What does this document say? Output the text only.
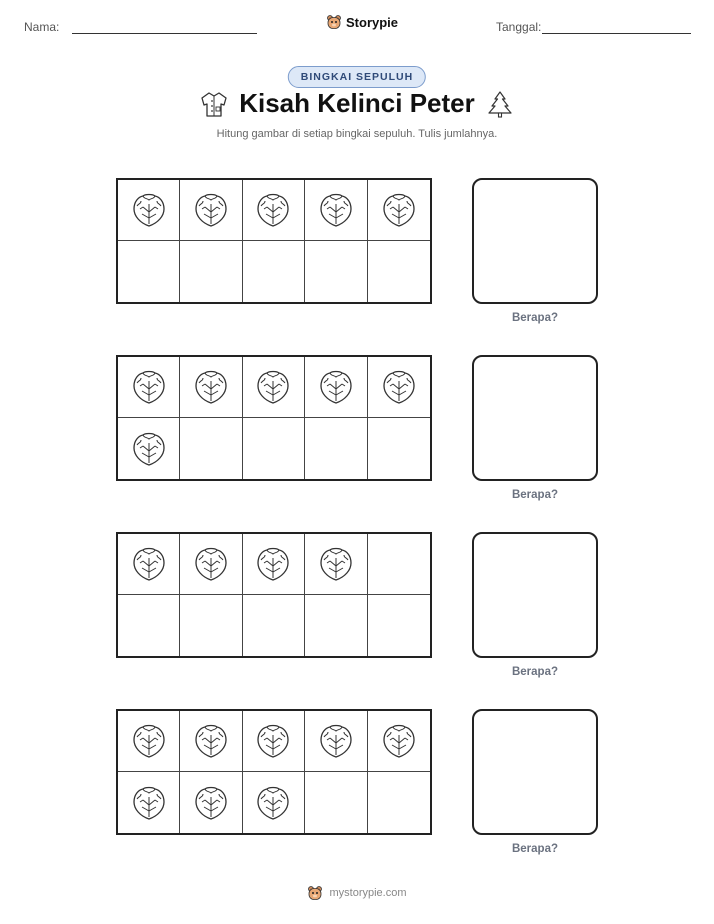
Nama:	Storypie	Tanggal:
BINGKAI SEPULUH
Kisah Kelinci Peter
Hitung gambar di setiap bingkai sepuluh. Tulis jumlahnya.
Berapa?
Berapa?
Berapa?
Berapa?
mystorypie.com
